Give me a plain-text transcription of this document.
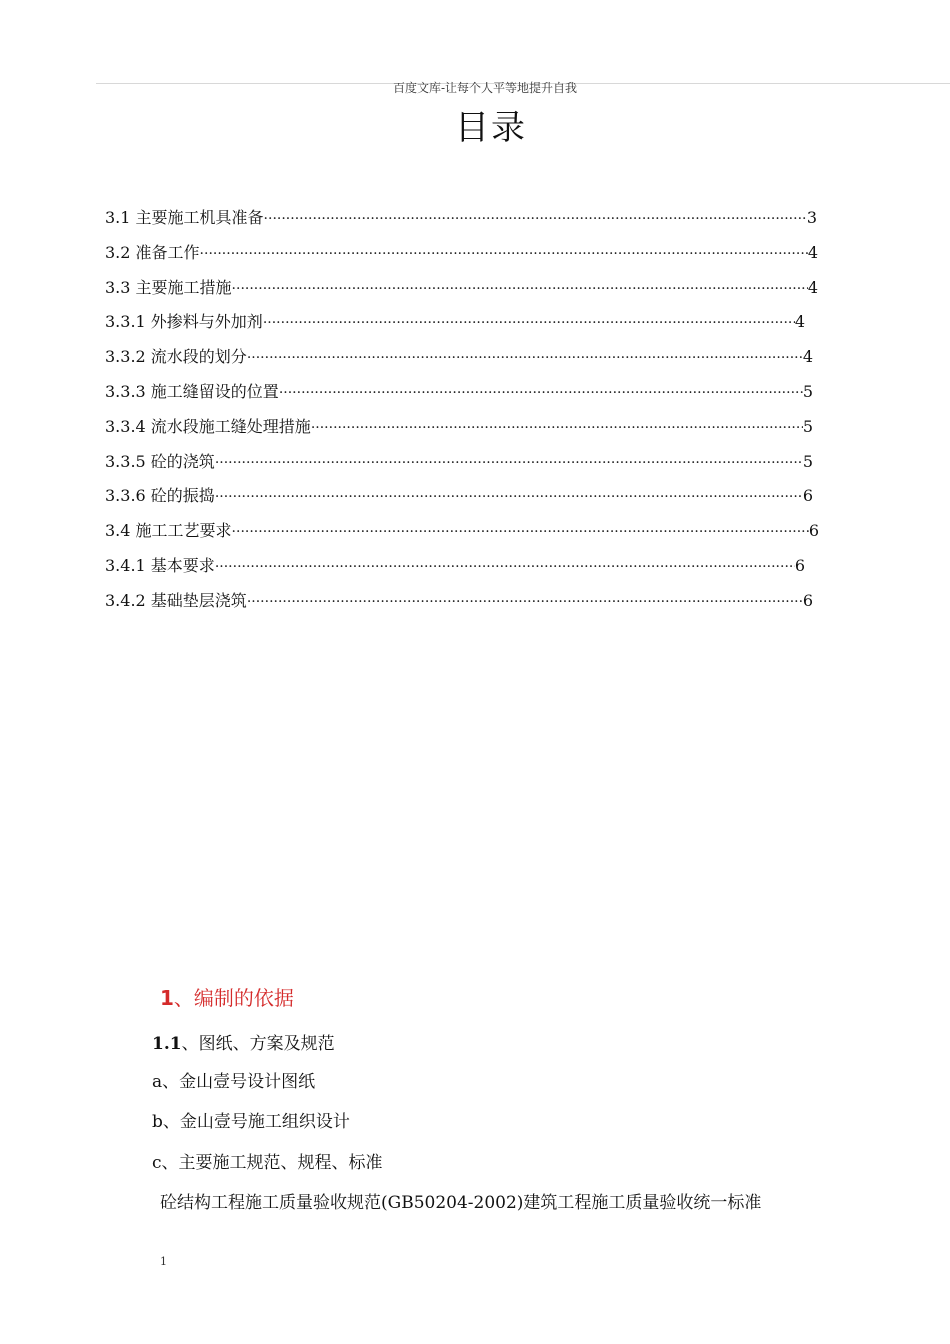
百度文库-让每个人平等地提升自我
目录
3.1 主要施工机具准备 ·····	3
3.2 准备工作 ·····	4
3.3 主要施工措施 ·····	4
3.3.1 外掺料与外加剂 ·····	4
3.3.2 流水段的划分 ·····	4
3.3.3 施工缝留设的位置 ·····	5
3.3.4 流水段施工缝处理措施 ·····	5
3.3.5 砼的浇筑 ·····	5
3.3.6 砼的振捣 ·····	6
3.4 施工工艺要求 ·····	6
3.4.1 基本要求 ·····	6
3.4.2 基础垫层浇筑 ·····	6
1、编制的依据
1.1、图纸、方案及规范
a、金山壹号设计图纸
b、金山壹号施工组织设计
c、主要施工规范、规程、标准
砼结构工程施工质量验收规范(GB50204-2002)建筑工程施工质量验收统一标准
1
